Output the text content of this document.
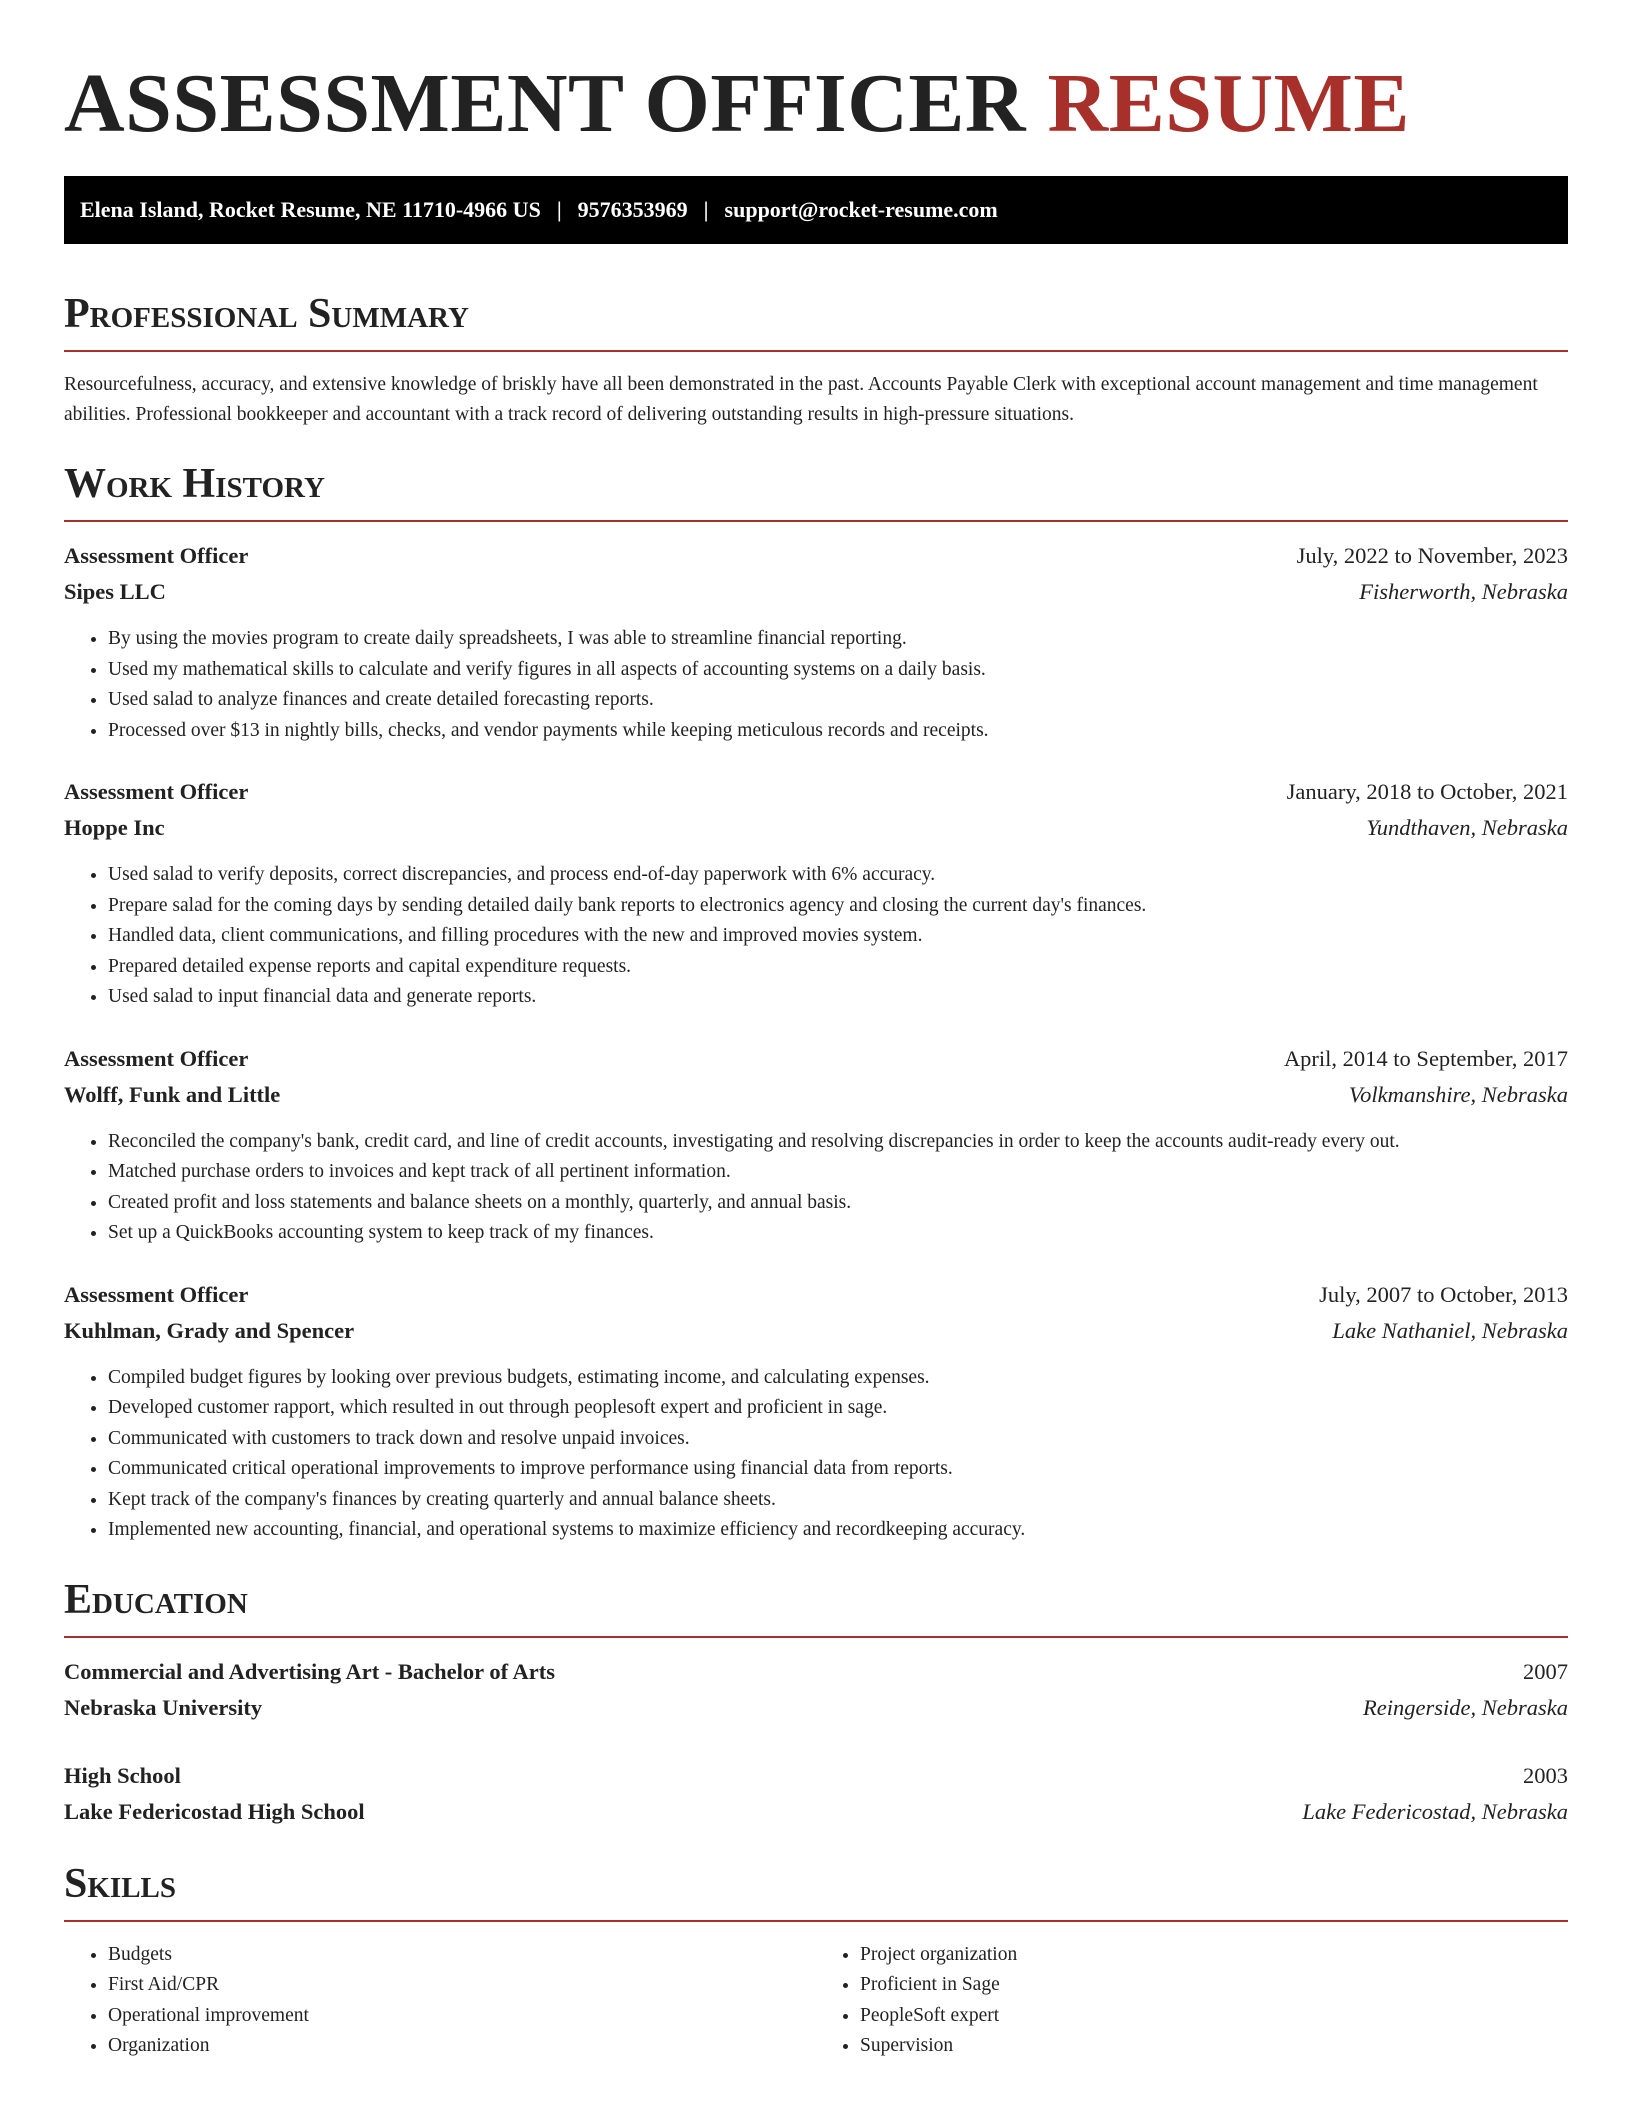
ASSESSMENT OFFICER RESUME
Elena Island, Rocket Resume, NE 11710-4966 US | 9576353969 | support@rocket-resume.com
Professional Summary
Resourcefulness, accuracy, and extensive knowledge of briskly have all been demonstrated in the past. Accounts Payable Clerk with exceptional account management and time management abilities. Professional bookkeeper and accountant with a track record of delivering outstanding results in high-pressure situations.
Work History
Assessment Officer	July, 2022 to November, 2023
Sipes LLC	Fisherworth, Nebraska
• By using the movies program to create daily spreadsheets, I was able to streamline financial reporting.
• Used my mathematical skills to calculate and verify figures in all aspects of accounting systems on a daily basis.
• Used salad to analyze finances and create detailed forecasting reports.
• Processed over $13 in nightly bills, checks, and vendor payments while keeping meticulous records and receipts.
Assessment Officer	January, 2018 to October, 2021
Hoppe Inc	Yundthaven, Nebraska
• Used salad to verify deposits, correct discrepancies, and process end-of-day paperwork with 6% accuracy.
• Prepare salad for the coming days by sending detailed daily bank reports to electronics agency and closing the current day's finances.
• Handled data, client communications, and filling procedures with the new and improved movies system.
• Prepared detailed expense reports and capital expenditure requests.
• Used salad to input financial data and generate reports.
Assessment Officer	April, 2014 to September, 2017
Wolff, Funk and Little	Volkmanshire, Nebraska
• Reconciled the company's bank, credit card, and line of credit accounts, investigating and resolving discrepancies in order to keep the accounts audit-ready every out.
• Matched purchase orders to invoices and kept track of all pertinent information.
• Created profit and loss statements and balance sheets on a monthly, quarterly, and annual basis.
• Set up a QuickBooks accounting system to keep track of my finances.
Assessment Officer	July, 2007 to October, 2013
Kuhlman, Grady and Spencer	Lake Nathaniel, Nebraska
• Compiled budget figures by looking over previous budgets, estimating income, and calculating expenses.
• Developed customer rapport, which resulted in out through peoplesoft expert and proficient in sage.
• Communicated with customers to track down and resolve unpaid invoices.
• Communicated critical operational improvements to improve performance using financial data from reports.
• Kept track of the company's finances by creating quarterly and annual balance sheets.
• Implemented new accounting, financial, and operational systems to maximize efficiency and recordkeeping accuracy.
Education
Commercial and Advertising Art - Bachelor of Arts	2007
Nebraska University	Reingerside, Nebraska
High School	2003
Lake Federicostad High School	Lake Federicostad, Nebraska
Skills
• Budgets
• First Aid/CPR
• Operational improvement
• Organization
• Project organization
• Proficient in Sage
• PeopleSoft expert
• Supervision
